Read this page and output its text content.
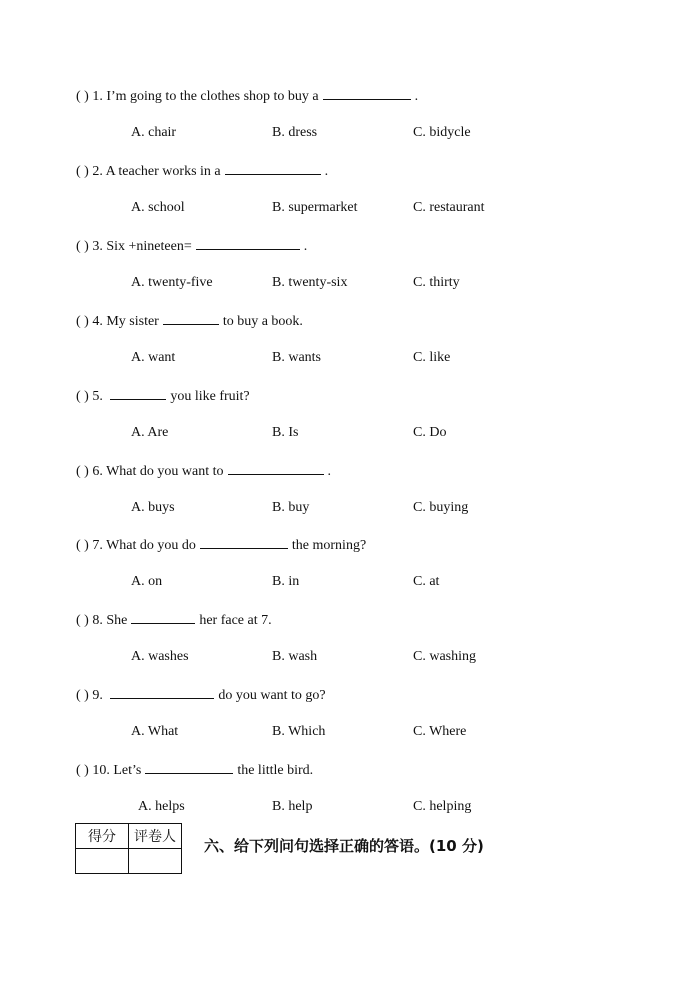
( ) 1. I’m going to the clothes shop to buy a	.
A. chair	B. dress	C. bidycle
( ) 2. A teacher works in a	.
A. school	B. supermarket	C. restaurant
( ) 3. Six +nineteen=	.
A. twenty-five	B. twenty-six	C. thirty
( ) 4. My sister	to buy a book.
A. want	B. wants	C. like
( ) 5.	you like fruit?
A. Are	B. Is	C. Do
( ) 6. What do you want to	.
A. buys	B. buy	C. buying
( ) 7. What do you do	the morning?
A. on	B. in	C. at
( ) 8. She	her face at 7.
A. washes	B. wash	C. washing
( ) 9.	do you want to go?
A. What	B. Which	C. Where
( ) 10. Let’s	the little bird.
A. helps	B. help	C. helping
得分	评卷人
	六、给下列问句选择正确的答语。(10 分)
